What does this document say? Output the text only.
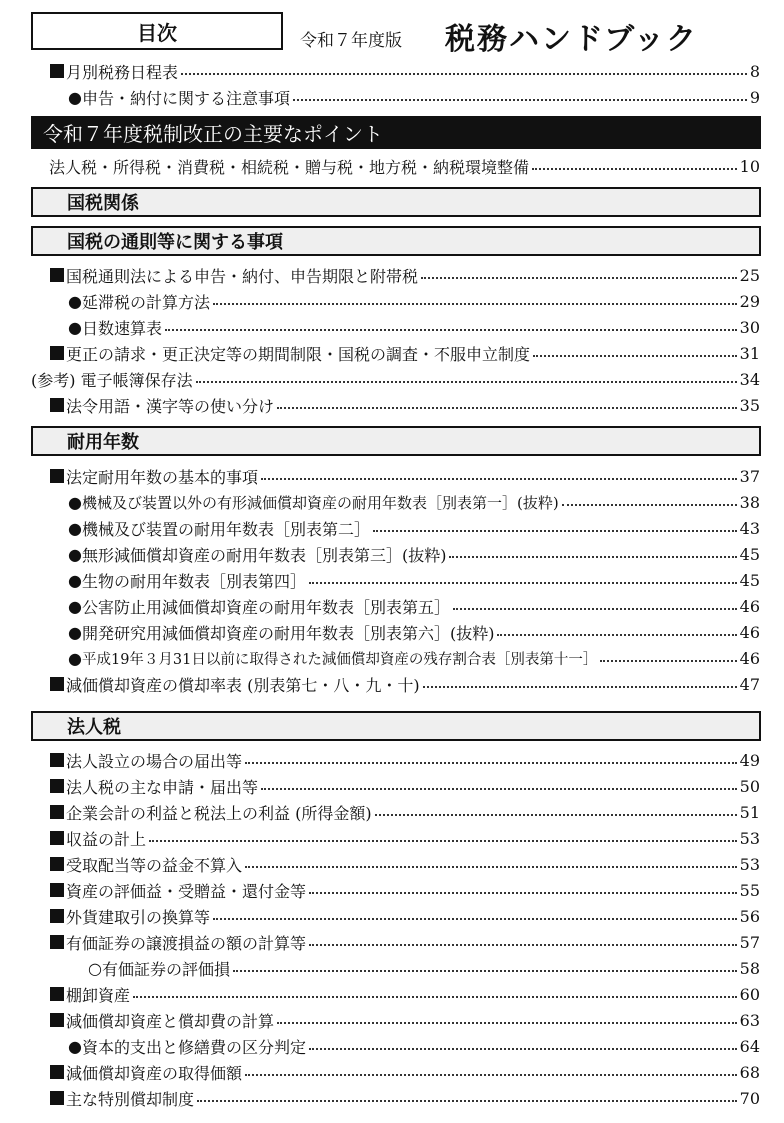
目次	令和７年度版 税務ハンドブック
月別税務日程表	8
● 申告・納付に関する注意事項	9
令和７年度税制改正の主要なポイント
法人税・所得税・消費税・相続税・贈与税・地方税・納税環境整備	10
国税関係
国税の通則等に関する事項
国税通則法による申告・納付、申告期限と附帯税	25
● 延滞税の計算方法	29
● 日数速算表	30
更正の請求・更正決定等の期間制限・国税の調査・不服申立制度	31
(参考) 電子帳簿保存法	34
法令用語・漢字等の使い分け	35
耐用年数
法定耐用年数の基本的事項	37
● 機械及び装置以外の有形減価償却資産の耐用年数表［別表第一］(抜粋)	38
● 機械及び装置の耐用年数表［別表第二］	43
● 無形減価償却資産の耐用年数表［別表第三］(抜粋)	45
● 生物の耐用年数表［別表第四］	45
● 公害防止用減価償却資産の耐用年数表［別表第五］	46
● 開発研究用減価償却資産の耐用年数表［別表第六］(抜粋)	46
● 平成19年３月31日以前に取得された減価償却資産の残存割合表［別表第十一］	46
減価償却資産の償却率表 (別表第七・八・九・十)	47
法人税
法人設立の場合の届出等	49
法人税の主な申請・届出等	50
企業会計の利益と税法上の利益 (所得金額)	51
収益の計上	53
受取配当等の益金不算入	53
資産の評価益・受贈益・還付金等	55
外貨建取引の換算等	56
有価証券の譲渡損益の額の計算等	57
○ 有価証券の評価損	58
棚卸資産	60
減価償却資産と償却費の計算	63
● 資本的支出と修繕費の区分判定	64
減価償却資産の取得価額	68
主な特別償却制度	70
